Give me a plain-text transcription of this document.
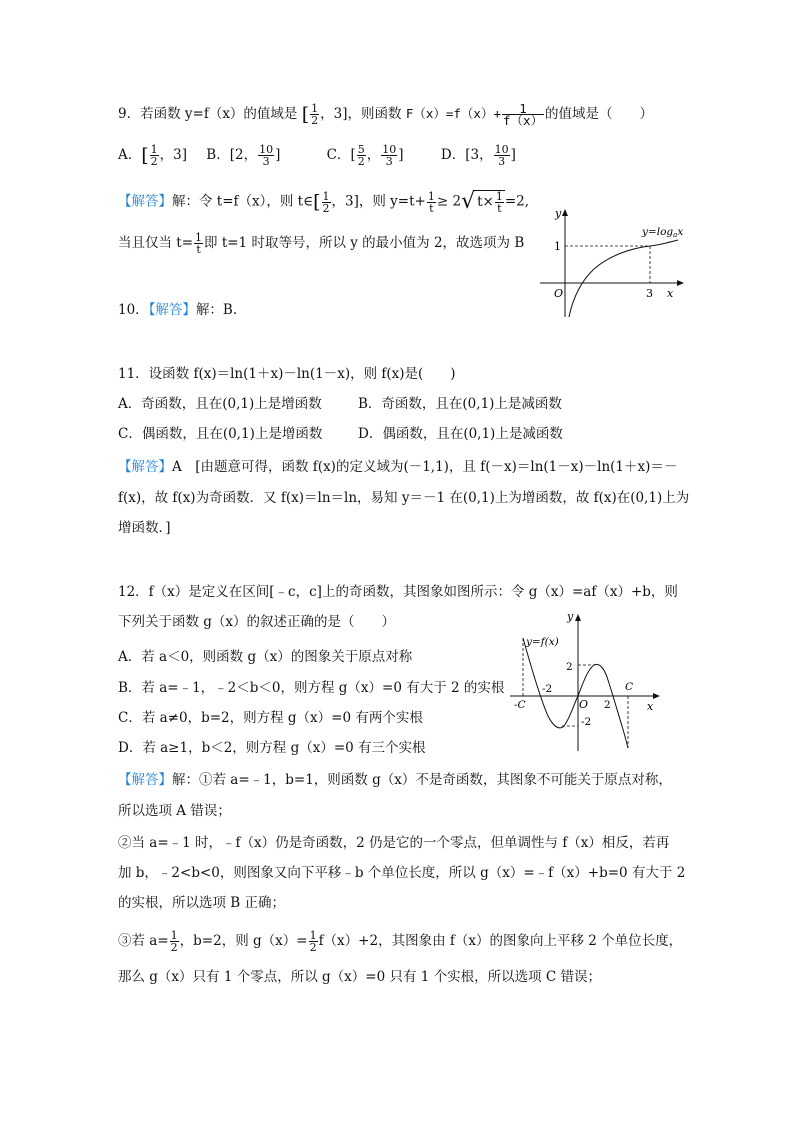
9．若函数 y=f（x）的值域是 [ $\frac{1}{2}$ ，3]，则函数 $F(x)=f(x)+ \frac{1}{f(x)}$ 的值域是（　　）
A．[ $\frac{1}{2}$ ，3] B．[2， $\frac{10}{3}$ ]	C．[ $\frac{5}{2}$ ， $\frac{10}{3}$ ]	D．[3， $\frac{10}{3}$ ]
【解答】解：令 t=f（x），则 t∈[ $\frac{1}{2}$ ，3]，则 $y=t+ \frac{1}{t} \ge 2√$ $t\times \frac{1}{t} =2$,
当且仅当 $t= \frac{1}{t}$ 即 t=1 时取等号，所以 y 的最小值为 2，故选项为 B
y
y=logax
1
O	3 x
10．【解答】解：B.
11．设函数 f(x)＝ln(1＋x)－ln(1－x)，则 f(x)是(　　)
A．奇函数，且在(0,1)上是增函数	B．奇函数，且在(0,1)上是减函数
C．偶函数，且在(0,1)上是增函数	D．偶函数，且在(0,1)上是减函数
【解答】A　[由题意可得，函数 f(x)的定义域为(－1,1)，且 f(－x)＝ln(1－x)－ln(1＋x)＝－
f(x)，故 f(x)为奇函数．又 f(x)＝ln＝ln，易知 y＝－1 在(0,1)上为增函数，故 f(x)在(0,1)上为
增函数．]
12．f（x）是定义在区间[﹣c，c]上的奇函数，其图象如图所示：令 g（x）=af（x）+b，则
下列关于函数 g（x）的叙述正确的是（　　）
A．若 a＜0，则函数 g（x）的图象关于原点对称
B．若 a=﹣1，﹣2＜b＜0，则方程 g（x）=0 有大于 2 的实根
C．若 a≠0，b=2，则方程 g（x）=0 有两个实根
D．若 a≥1，b＜2，则方程 g（x）=0 有三个实根
y
y=f(x)
2
-2	C
-C	O 2
-2
x
【解答】解：①若 a=﹣1，b=1，则函数 g（x）不是奇函数，其图象不可能关于原点对称，
所以选项 A 错误；
②当 a=﹣1 时，﹣f（x）仍是奇函数，2 仍是它的一个零点，但单调性与 f（x）相反，若再
加 b，﹣2<b<0，则图象又向下平移﹣b 个单位长度，所以 g（x）=﹣f（x）+b=0 有大于 2
的实根，所以选项 B 正确；
③若 $a= \frac{1}{2}$ ，b=2，则 $g(x)= \frac{1}{2} f(x)+2$，其图象由 f（x）的图象向上平移 2 个单位长度，
那么 g（x）只有 1 个零点，所以 g（x）=0 只有 1 个实根，所以选项 C 错误；
